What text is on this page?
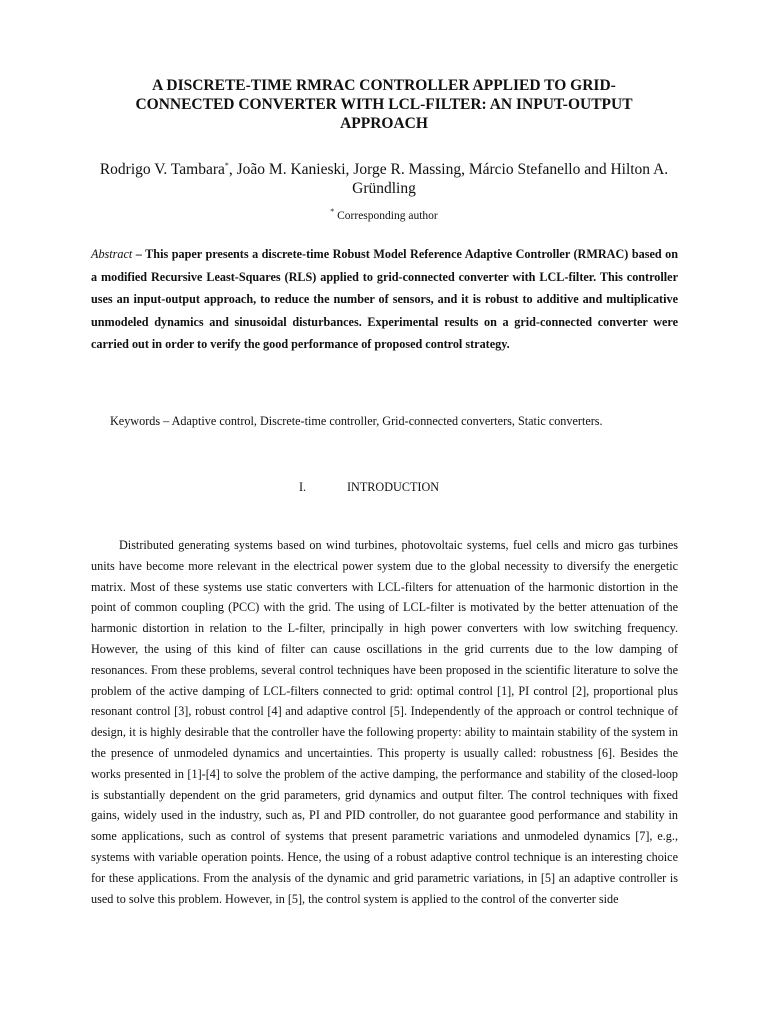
A DISCRETE-TIME RMRAC CONTROLLER APPLIED TO GRID-CONNECTED CONVERTER WITH LCL-FILTER: AN INPUT-OUTPUT APPROACH
Rodrigo V. Tambara*, João M. Kanieski, Jorge R. Massing, Márcio Stefanello and Hilton A. Gründling
* Corresponding author

Abstract – This paper presents a discrete-time Robust Model Reference Adaptive Controller (RMRAC) based on a modified Recursive Least-Squares (RLS) applied to grid-connected converter with LCL-filter. This controller uses an input-output approach, to reduce the number of sensors, and it is robust to additive and multiplicative unmodeled dynamics and sinusoidal disturbances. Experimental results on a grid-connected converter were carried out in order to verify the good performance of proposed control strategy.

Keywords – Adaptive control, Discrete-time controller, Grid-connected converters, Static converters.
I.	INTRODUCTION

Distributed generating systems based on wind turbines, photovoltaic systems, fuel cells and micro gas turbines units have become more relevant in the electrical power system due to the global necessity to diversify the energetic matrix. Most of these systems use static converters with LCL-filters for attenuation of the harmonic distortion in the point of common coupling (PCC) with the grid. The using of LCL-filter is motivated by the better attenuation of the harmonic distortion in relation to the L-filter, principally in high power converters with low switching frequency. However, the using of this kind of filter can cause oscillations in the grid currents due to the low damping of resonances. From these problems, several control techniques have been proposed in the scientific literature to solve the problem of the active damping of LCL-filters connected to grid: optimal control [1], PI control [2], proportional plus resonant control [3], robust control [4] and adaptive control [5]. Independently of the approach or control technique of design, it is highly desirable that the controller have the following property: ability to maintain stability of the system in the presence of unmodeled dynamics and uncertainties. This property is usually called: robustness [6]. Besides the works presented in [1]-[4] to solve the problem of the active damping, the performance and stability of the closed-loop is substantially dependent on the grid parameters, grid dynamics and output filter. The control techniques with fixed gains, widely used in the industry, such as, PI and PID controller, do not guarantee good performance and stability in some applications, such as control of systems that present parametric variations and unmodeled dynamics [7], e.g., systems with variable operation points. Hence, the using of a robust adaptive control technique is an interesting choice for these applications. From the analysis of the dynamic and grid parametric variations, in [5] an adaptive controller is used to solve this problem. However, in [5], the control system is applied to the control of the converter side
